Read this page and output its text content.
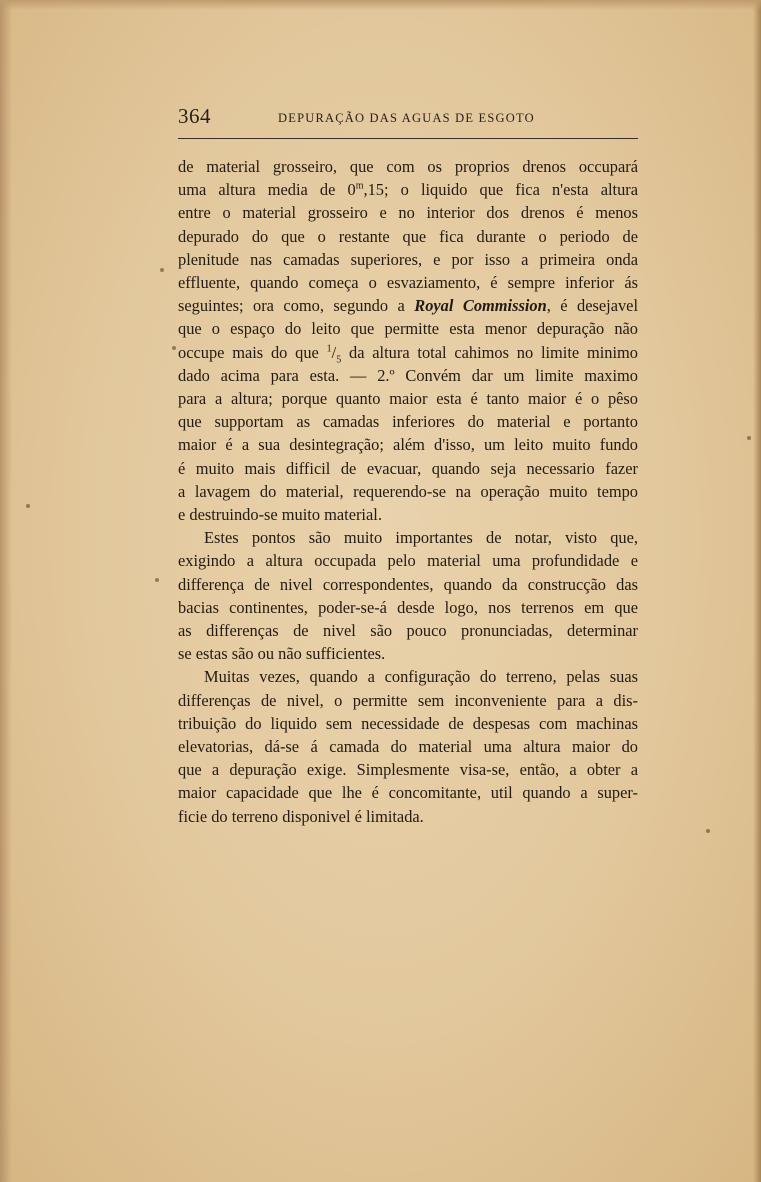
364	DEPURAÇÃO DAS AGUAS DE ESGOTO

de material grosseiro, que com os proprios drenos occupará
uma altura media de 0$^m$,15; o liquido que fica n'esta altura
entre o material grosseiro e no interior dos drenos é menos
depurado do que o restante que fica durante o periodo de
plenitude nas camadas superiores, e por isso a primeira onda
effluente, quando começa o esvaziamento, é sempre inferior ás
seguintes; ora como, segundo a Royal Commission, é desejavel
que o espaço do leito que permitte esta menor depuração não
occupe mais do que $^1/_5$ da altura total cahimos no limite minimo
dado acima para esta. — 2.º Convém dar um limite maximo
para a altura; porque quanto maior esta é tanto maior é o pêso
que supportam as camadas inferiores do material e portanto
maior é a sua desintegração; além d'isso, um leito muito fundo
é muito mais difficil de evacuar, quando seja necessario fazer
a lavagem do material, requerendo-se na operação muito tempo
e destruindo-se muito material.

Estes pontos são muito importantes de notar, visto que,
exigindo a altura occupada pelo material uma profundidade e
differença de nivel correspondentes, quando da construcção das
bacias continentes, poder-se-á desde logo, nos terrenos em que
as differenças de nivel são pouco pronunciadas, determinar
se estas são ou não sufficientes.

Muitas vezes, quando a configuração do terreno, pelas suas
differenças de nivel, o permitte sem inconveniente para a dis-
tribuição do liquido sem necessidade de despesas com machinas
elevatorias, dá-se á camada do material uma altura maior do
que a depuração exige. Simplesmente visa-se, então, a obter a
maior capacidade que lhe é concomitante, util quando a super-
ficie do terreno disponivel é limitada.
